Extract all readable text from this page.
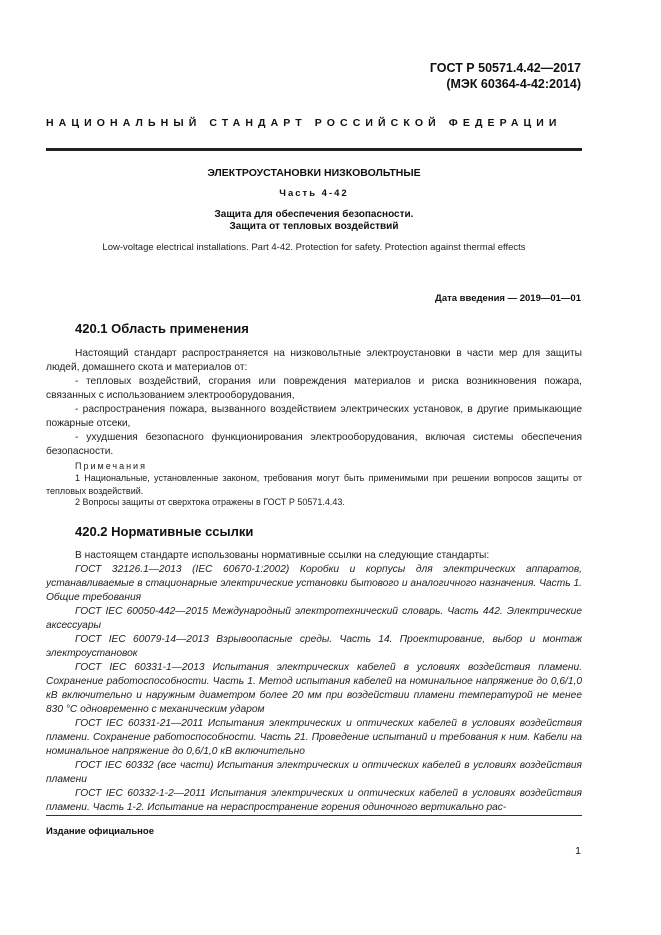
ГОСТ Р 50571.4.42—2017
(МЭК 60364-4-42:2014)
НАЦИОНАЛЬНЫЙ СТАНДАРТ РОССИЙСКОЙ ФЕДЕРАЦИИ
ЭЛЕКТРОУСТАНОВКИ НИЗКОВОЛЬТНЫЕ
Часть 4-42
Защита для обеспечения безопасности.
Защита от тепловых воздействий
Low-voltage electrical installations. Part 4-42. Protection for safety. Protection against thermal effects
Дата введения — 2019—01—01
420.1 Область применения
Настоящий стандарт распространяется на низковольтные электроустановки в части мер для защиты людей, домашнего скота и материалов от:
- тепловых воздействий, сгорания или повреждения материалов и риска возникновения пожара, связанных с использованием электрооборудования,
- распространения пожара, вызванного воздействием электрических установок, в другие примыкающие пожарные отсеки,
- ухудшения безопасного функционирования электрооборудования, включая системы обеспечения безопасности.
Примечания
1 Национальные, установленные законом, требования могут быть применимыми при решении вопросов защиты от тепловых воздействий.
2 Вопросы защиты от сверхтока отражены в ГОСТ Р 50571.4.43.
420.2 Нормативные ссылки
В настоящем стандарте использованы нормативные ссылки на следующие стандарты:
ГОСТ 32126.1—2013 (IEC 60670-1:2002) Коробки и корпусы для электрических аппаратов, устанавливаемые в стационарные электрические установки бытового и аналогичного назначения. Часть 1. Общие требования
ГОСТ IEC 60050-442—2015 Международный электротехнический словарь. Часть 442. Электрические аксессуары
ГОСТ IEC 60079-14—2013 Взрывоопасные среды. Часть 14. Проектирование, выбор и монтаж электроустановок
ГОСТ IEC 60331-1—2013 Испытания электрических кабелей в условиях воздействия пламени. Сохранение работоспособности. Часть 1. Метод испытания кабелей на номинальное напряжение до 0,6/1,0 кВ включительно и наружным диаметром более 20 мм при воздействии пламени температурой не менее 830 °С одновременно с механическим ударом
ГОСТ IEC 60331-21—2011 Испытания электрических и оптических кабелей в условиях воздействия пламени. Сохранение работоспособности. Часть 21. Проведение испытаний и требования к ним. Кабели на номинальное напряжение до 0,6/1,0 кВ включительно
ГОСТ IEC 60332 (все части) Испытания электрических и оптических кабелей в условиях воздействия пламени
ГОСТ IEC 60332-1-2—2011 Испытания электрических и оптических кабелей в условиях воздействия пламени. Часть 1-2. Испытание на нераспространение горения одиночного вертикально рас-
Издание официальное
1
